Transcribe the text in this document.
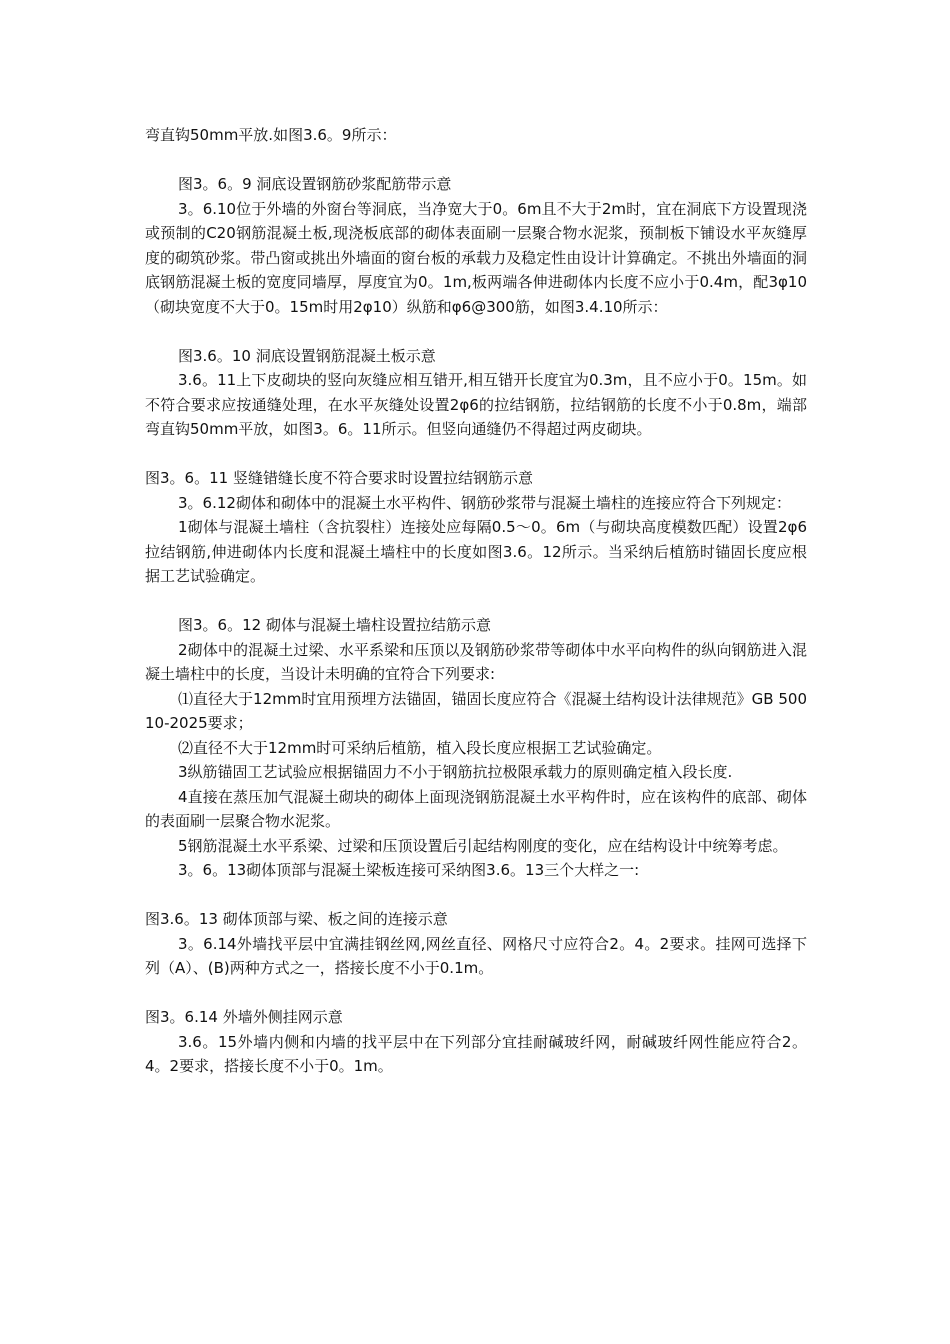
弯直钩50mm平放.如图3.6。9所示：

图3。6。9 洞底设置钢筋砂浆配筋带示意

3。6.10位于外墙的外窗台等洞底，当净宽大于0。6m且不大于2m时，宜在洞底下方设置现浇或预制的C20钢筋混凝土板,现浇板底部的砌体表面刷一层聚合物水泥浆，预制板下铺设水平灰缝厚度的砌筑砂浆。带凸窗或挑出外墙面的窗台板的承载力及稳定性由设计计算确定。不挑出外墙面的洞底钢筋混凝土板的宽度同墙厚，厚度宜为0。1m,板两端各伸进砌体内长度不应小于0.4m，配3φ10（砌块宽度不大于0。15m时用2φ10）纵筋和φ6@300筋，如图3.4.10所示：

图3.6。10 洞底设置钢筋混凝土板示意

3.6。11上下皮砌块的竖向灰缝应相互错开,相互错开长度宜为0.3m，且不应小于0。15m。如不符合要求应按通缝处理，在水平灰缝处设置2φ6的拉结钢筋，拉结钢筋的长度不小于0.8m，端部弯直钩50mm平放，如图3。6。11所示。但竖向通缝仍不得超过两皮砌块。

图3。6。11 竖缝错缝长度不符合要求时设置拉结钢筋示意

3。6.12砌体和砌体中的混凝土水平构件、钢筋砂浆带与混凝土墙柱的连接应符合下列规定：

1砌体与混凝土墙柱（含抗裂柱）连接处应每隔0.5～0。6m（与砌块高度模数匹配）设置2φ6拉结钢筋,伸进砌体内长度和混凝土墙柱中的长度如图3.6。12所示。当采纳后植筋时锚固长度应根据工艺试验确定。

图3。6。12 砌体与混凝土墙柱设置拉结筋示意

2砌体中的混凝土过梁、水平系梁和压顶以及钢筋砂浆带等砌体中水平向构件的纵向钢筋进入混凝土墙柱中的长度，当设计未明确的宜符合下列要求:

⑴直径大于12mm时宜用预埋方法锚固，锚固长度应符合《混凝土结构设计法律规范》GB 50010-2025要求；

⑵直径不大于12mm时可采纳后植筋，植入段长度应根据工艺试验确定。

3纵筋锚固工艺试验应根据锚固力不小于钢筋抗拉极限承载力的原则确定植入段长度.

4直接在蒸压加气混凝土砌块的砌体上面现浇钢筋混凝土水平构件时，应在该构件的底部、砌体的表面刷一层聚合物水泥浆。

5钢筋混凝土水平系梁、过梁和压顶设置后引起结构刚度的变化，应在结构设计中统筹考虑。

3。6。13砌体顶部与混凝土梁板连接可采纳图3.6。13三个大样之一:

图3.6。13 砌体顶部与梁、板之间的连接示意

3。6.14外墙找平层中宜满挂钢丝网,网丝直径、网格尺寸应符合2。4。2要求。挂网可选择下列（A）、(B)两种方式之一，搭接长度不小于0.1m。

图3。6.14 外墙外侧挂网示意

3.6。15外墙内侧和内墙的找平层中在下列部分宜挂耐碱玻纤网，耐碱玻纤网性能应符合2。4。2要求，搭接长度不小于0。1m。
